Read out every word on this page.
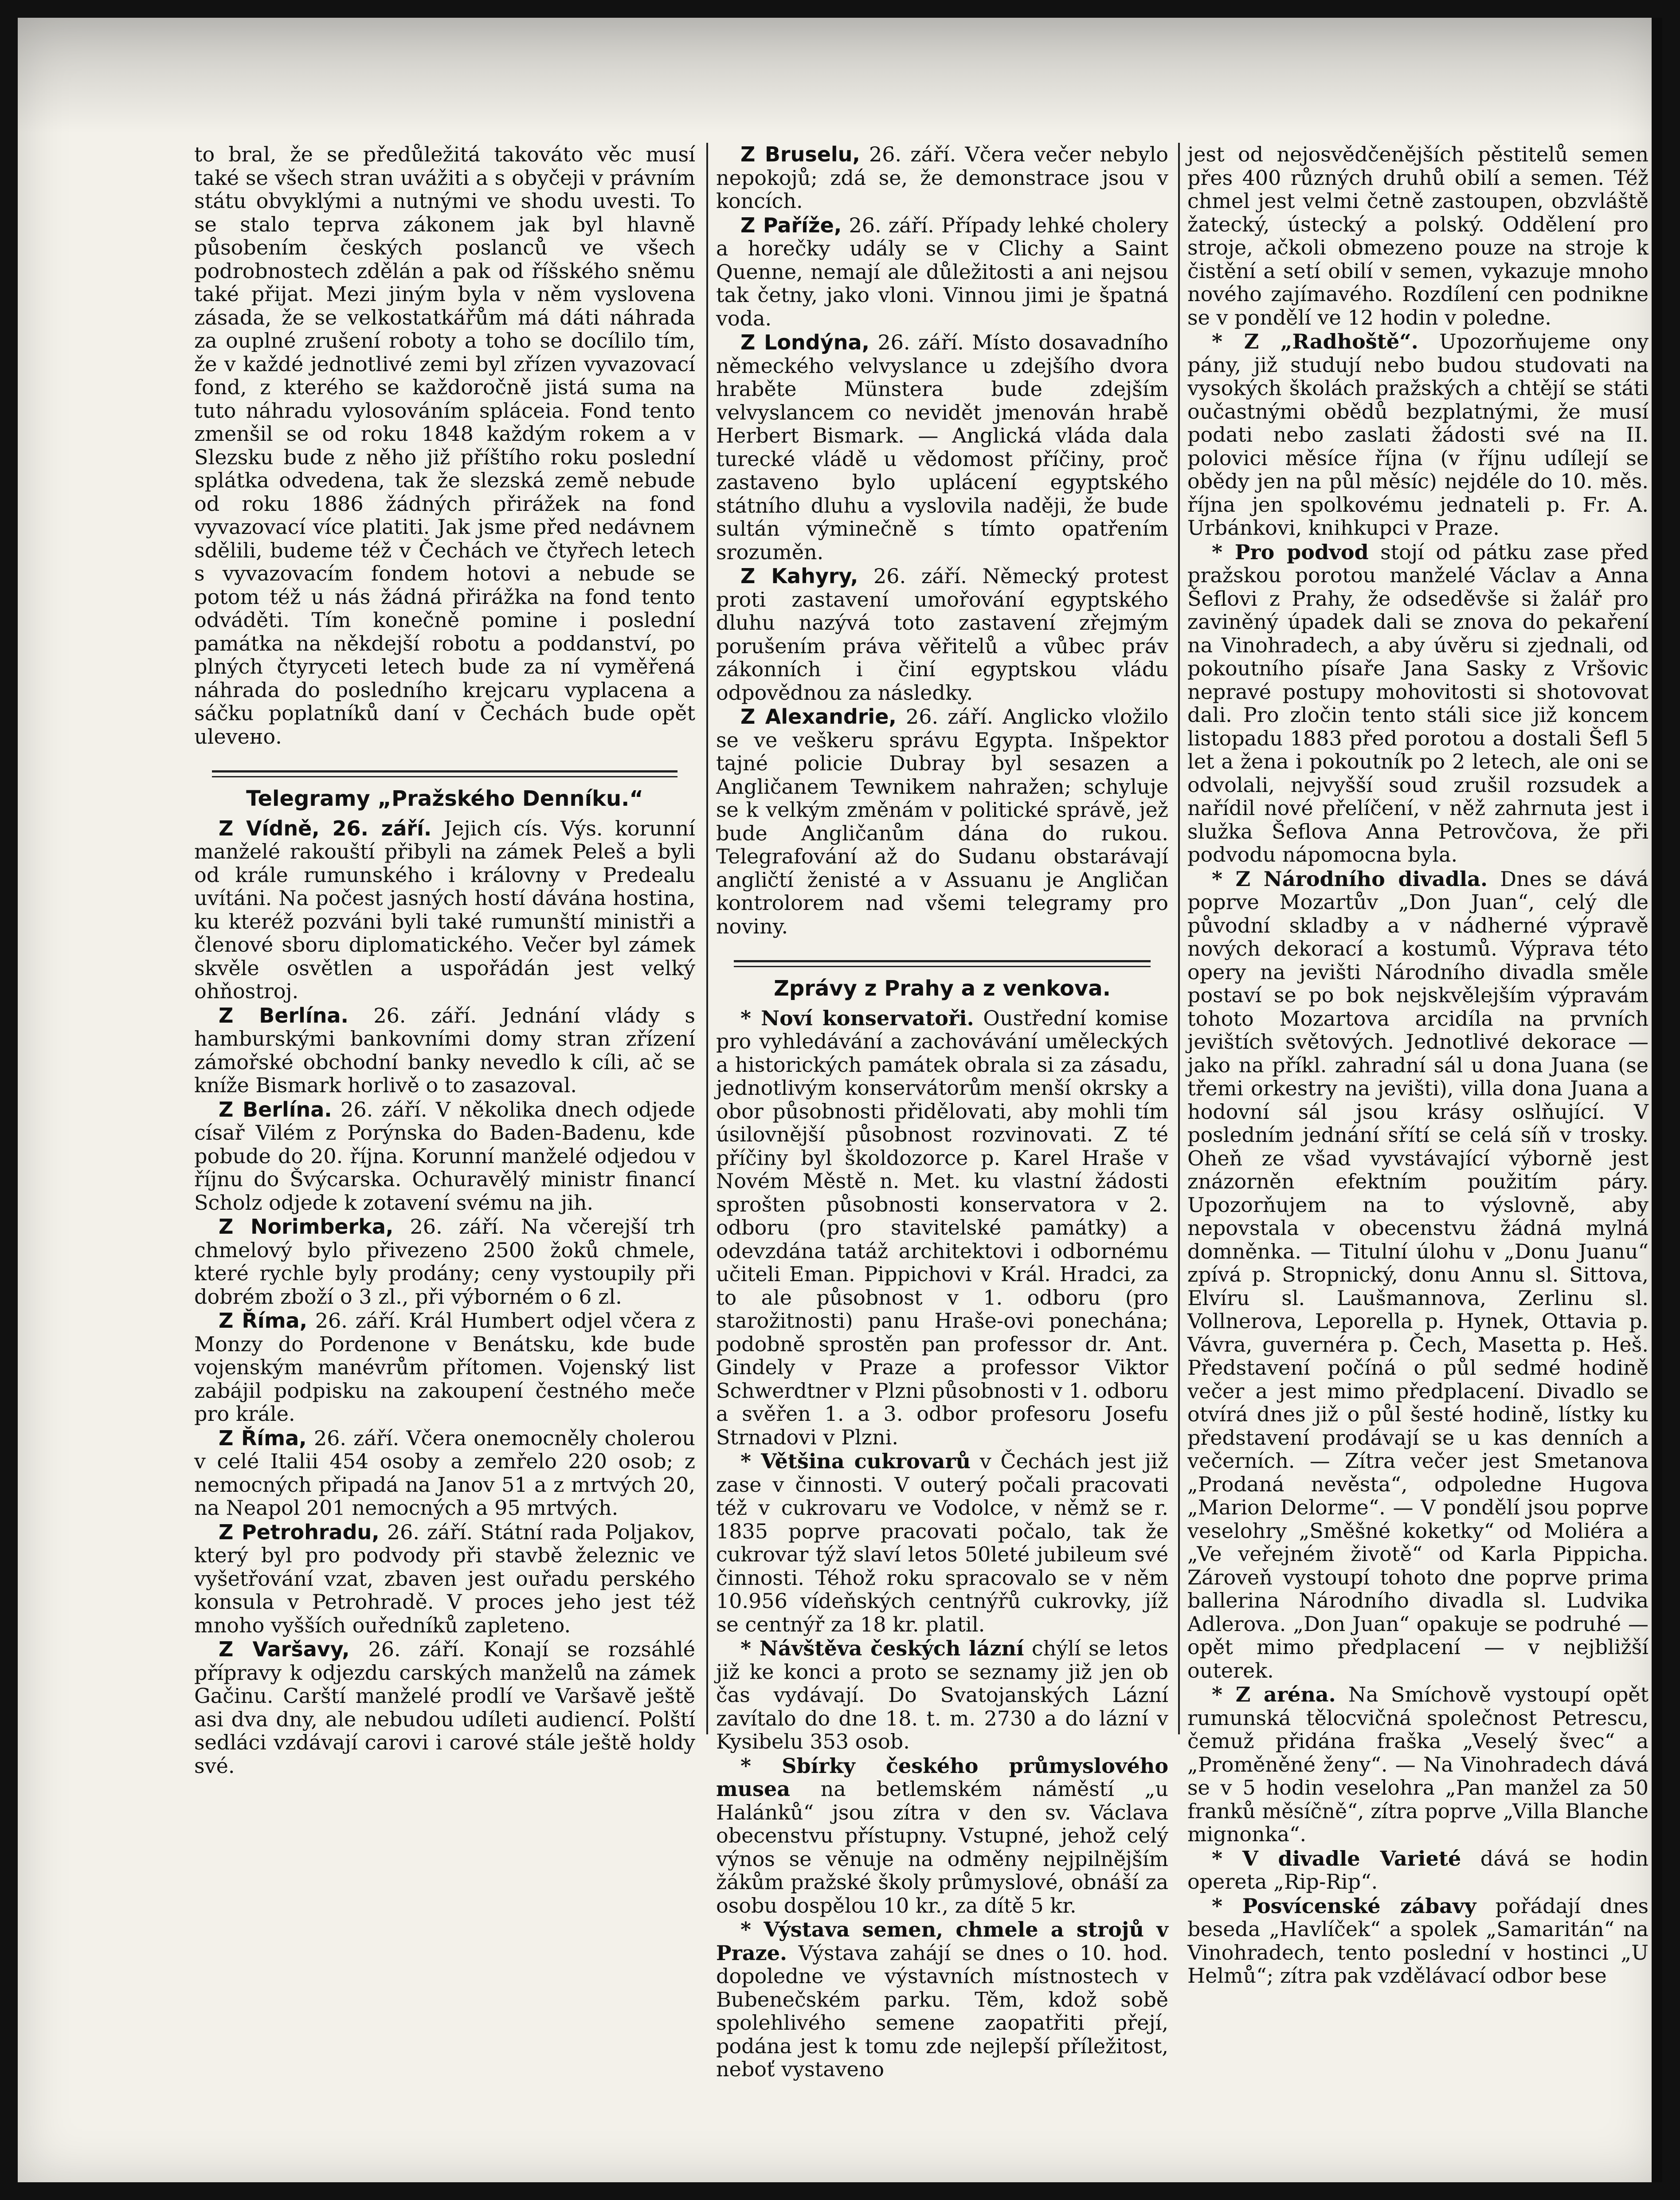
to bral, že se předůležitá takováto věc musí také se všech stran uvážiti a s obyčeji v právním státu obvyklými a nutnými ve shodu uvesti. To se stalo teprva zákonem jak byl hlavně působením českých poslanců ve všech podrobnostech zdělán a pak od říšského sněmu také přijat. Mezi jiným byla v něm vyslovena zásada, že se velkostatkářům má dáti náhrada za ouplné zrušení roboty a toho se docílilo tím, že v každé jednotlivé zemi byl zřízen vyvazovací fond, z kterého se každoročně jistá suma na tuto náhradu vylosováním spláceia. Fond tento zmenšil se od roku 1848 každým rokem a v Slezsku bude z něho již příštího roku poslední splátka odvedena, tak že slezská země nebude od roku 1886 žádných přirážek na fond vyvazovací více platiti. Jak jsme před nedávnem sdělili, budeme též v Čechách ve čtyřech letech s vyvazovacím fondem hotovi a nebude se potom též u nás žádná přirážka na fond tento odváděti. Tím konečně pomine i poslední památka na někdejší robotu a poddanství, po plných čtyryceti letech bude za ní vyměřená náhrada do posledního krejcaru vyplacena a sáčku poplatníků daní v Čechách bude opět ulevено.

Telegramy „Pražského Denníku.“

Z Vídně, 26. září. Jejich cís. Výs. korunní manželé rakouští přibyli na zámek Peleš a byli od krále rumunského i královny v Predealu uvítáni. Na počest jasných hostí dávána hostina, ku kteréž pozváni byli také rumunští ministři a členové sboru diplomatického. Večer byl zámek skvěle osvětlen a uspořádán jest velký ohňostroj.

Z Berlína. 26. září. Jednání vlády s hamburskými bankovními domy stran zřízení zámořské obchodní banky nevedlo k cíli, ač se kníže Bismark horlivě o to zasazoval.

Z Berlína. 26. září. V několika dnech odjede císař Vilém z Porýnska do Baden-Badenu, kde pobude do 20. října. Korunní manželé odjedou v říjnu do Švýcarska. Ochuravělý ministr financí Scholz odjede k zotavení svému na jih.

Z Norimberka, 26. září. Na včerejší trh chmelový bylo přivezeno 2500 žoků chmele, které rychle byly prodány; ceny vystoupily při dobrém zboží o 3 zl., při výborném o 6 zl.

Z Říma, 26. září. Král Humbert odjel včera z Monzy do Pordenone v Benátsku, kde bude vojenským manévrům přítomen. Vojenský list zabájil podpisku na zakoupení čestného meče pro krále.

Z Říma, 26. září. Včera onemocněly cholerou v celé Italii 454 osoby a zemřelo 220 osob; z nemocných připadá na Janov 51 a z mrtvých 20, na Neapol 201 nemocných a 95 mrtvých.

Z Petrohradu, 26. září. Státní rada Poljakov, který byl pro podvody při stavbě železnic ve vyšetřování vzat, zbaven jest ouřadu perského konsula v Petrohradě. V proces jeho jest též mnoho vyšších ouředníků zapleteno.

Z Varšavy, 26. září. Konají se rozsáhlé přípravy k odjezdu carských manželů na zámek Gačinu. Carští manželé prodlí ve Varšavě ještě asi dva dny, ale nebudou udíleti audiencí. Polští sedláci vzdávají carovi i carové stále ještě holdy své.

Z Bruselu, 26. září. Včera večer nebylo nepokojů; zdá se, že demonstrace jsou v koncích.

Z Paříže, 26. září. Případy lehké cholery a horečky udály se v Clichy a Saint Quenne, nemají ale důležitosti a ani nejsou tak četny, jako vloni. Vinnou jimi je špatná voda.

Z Londýna, 26. září. Místo dosavadního německého velvyslance u zdejšího dvora hraběte Münstera bude zdejším velvyslancem co nevidět jmenován hrabě Herbert Bismark. — Anglická vláda dala turecké vládě u vědomost příčiny, proč zastaveno bylo uplácení egyptského státního dluhu a vyslovila naději, že bude sultán výminečně s tímto opatřením srozuměn.

Z Kahyry, 26. září. Německý protest proti zastavení umořování egyptského dluhu nazývá toto zastavení zřejmým porušením práva věřitelů a vůbec práv zákonních i činí egyptskou vládu odpovědnou za následky.

Z Alexandrie, 26. září. Anglicko vložilo se ve veškeru správu Egypta. Inšpektor tajné policie Dubray byl sesazen a Angličanem Tewnikem nahražen; schyluje se k velkým změnám v politické správě, jež bude Angličanům dána do rukou. Telegrafování až do Sudanu obstarávají angličtí ženisté a v Assuanu je Angličan kontrolorem nad všemi telegramy pro noviny.

Zprávy z Prahy a z venkova.

* Noví konservatoři. Oustřední komise pro vyhledávání a zachovávání uměleckých a historických památek obrala si za zásadu, jednotlivým konservátorům menší okrsky a obor působnosti přidělovati, aby mohli tím úsilovnější působnost rozvinovati. Z té příčiny byl školdozorce p. Karel Hraše v Novém Městě n. Met. ku vlastní žádosti sprošten působnosti konservatora v 2. odboru (pro stavitelské památky) a odevzdána tatáž architektovi i odbornému učiteli Eman. Pippichovi v Král. Hradci, za to ale působnost v 1. odboru (pro starožitnosti) panu Hraše-ovi ponechána; podobně sprostěn pan professor dr. Ant. Gindely v Praze a professor Viktor Schwerdtner v Plzni působnosti v 1. odboru a svěřen 1. a 3. odbor profesoru Josefu Strnadovi v Plzni.

* Většina cukrovarů v Čechách jest již zase v činnosti. V outerý počali pracovati též v cukrovaru ve Vodolce, v němž se r. 1835 poprve pracovati počalo, tak že cukrovar týž slaví letos 50leté jubileum své činnosti. Téhož roku spracovalo se v něm 10.956 vídeňských centnýřů cukrovky, jíž se centnýř za 18 kr. platil.

* Návštěva českých lázní chýlí se letos již ke konci a proto se seznamy již jen ob čas vydávají. Do Svatojanských Lázní zavítalo do dne 18. t. m. 2730 a do lázní v Kysibelu 353 osob.

* Sbírky českého průmyslového musea na betlemském náměstí „u Halánků“ jsou zítra v den sv. Václava obecenstvu přístupny. Vstupné, jehož celý výnos se věnuje na odměny nejpilnějším žákům pražské školy průmyslové, obnáší za osobu dospělou 10 kr., za dítě 5 kr.

* Výstava semen, chmele a strojů v Praze. Výstava zahájí se dnes o 10. hod. dopoledne ve výstavních místnostech v Bubenečském parku. Těm, kdož sobě spolehlivého semene zaopatřiti přejí, podána jest k tomu zde nejlepší příležitost, neboť vystaveno

jest od nejosvědčenějších pěstitelů semen přes 400 různých druhů obilí a semen. Též chmel jest velmi četně zastoupen, obzvláště žatecký, ústecký a polský. Oddělení pro stroje, ačkoli obmezeno pouze na stroje k čistění a setí obilí v semen, vykazuje mnoho nového zajímavého. Rozdílení cen podnikne se v pondělí ve 12 hodin v poledne.

* Z „Radhoště“. Upozorňujeme ony pány, již studují nebo budou studovati na vysokých školách pražských a chtějí se státi oučastnými obědů bezplatnými, že musí podati nebo zaslati žádosti své na II. polovici měsíce října (v říjnu udílejí se obědy jen na půl měsíc) nejdéle do 10. měs. října jen spolkovému jednateli p. Fr. A. Urbánkovi, knihkupci v Praze.

* Pro podvod stojí od pátku zase před pražskou porotou manželé Václav a Anna Šeflovi z Prahy, že odseděvše si žalář pro zaviněný úpadek dali se znova do pekaření na Vinohradech, a aby úvěru si zjednali, od pokoutního písaře Jana Sasky z Vršovic nepravé postupy mohovitosti si shotovovat dali. Pro zločin tento stáli sice již koncem listopadu 1883 před porotou a dostali Šefl 5 let a žena i pokoutník po 2 letech, ale oni se odvolali, nejvyšší soud zrušil rozsudek a nařídil nové přelíčení, v něž zahrnuta jest i služka Šeflova Anna Petrovčova, že při podvodu nápomocna byla.

* Z Národního divadla. Dnes se dává poprve Mozartův „Don Juan“, celý dle původní skladby a v nádherné výpravě nových dekorací a kostumů. Výprava této opery na jevišti Národního divadla směle postaví se po bok nejskvělejším výpravám tohoto Mozartova arcidíla na prvních jevištích světových. Jednotlivé dekorace — jako na příkl. zahradní sál u dona Juana (se třemi orkestry na jevišti), villa dona Juana a hodovní sál jsou krásy oslňující. V posledním jednání sřítí se celá síň v trosky. Oheň ze všad vyvstávající výborně jest znázorněn efektním použitím páry. Upozorňujem na to výslovně, aby nepovstala v obecenstvu žádná mylná domněnka. — Titulní úlohu v „Donu Juanu“ zpívá p. Stropnický, donu Annu sl. Sittova, Elvíru sl. Laušmannova, Zerlinu sl. Vollnerova, Leporella p. Hynek, Ottavia p. Vávra, guvernéra p. Čech, Masetta p. Heš. Představení počíná o půl sedmé hodině večer a jest mimo předplacení. Divadlo se otvírá dnes již o půl šesté hodině, lístky ku představení prodávají se u kas denních a večerních. — Zítra večer jest Smetanova „Prodaná nevěsta“, odpoledne Hugova „Marion Delorme“. — V pondělí jsou poprve veselohry „Směšné koketky“ od Moliéra a „Ve veřejném životě“ od Karla Pippicha. Zároveň vystoupí tohoto dne poprve prima ballerina Národního divadla sl. Ludvika Adlerova. „Don Juan“ opakuje se podruhé — opět mimo předplacení — v nejbližší outerek.

* Z aréna. Na Smíchově vystoupí opět rumunská tělocvičná společnost Petrescu, čemuž přidána fraška „Veselý švec“ a „Proměněné ženy“. — Na Vinohradech dává se v 5 hodin veselohra „Pan manžel za 50 franků měsíčně“, zítra poprve „Villa Blanche mignonka“.

* V divadle Varieté dává se hodin opereta „Rip-Rip“.

* Posvícenské zábavy pořádají dnes beseda „Havlíček“ a spolek „Samaritán“ na Vinohradech, tento poslední v hostinci „U Helmů“; zítra pak vzdělávací odbor bese
